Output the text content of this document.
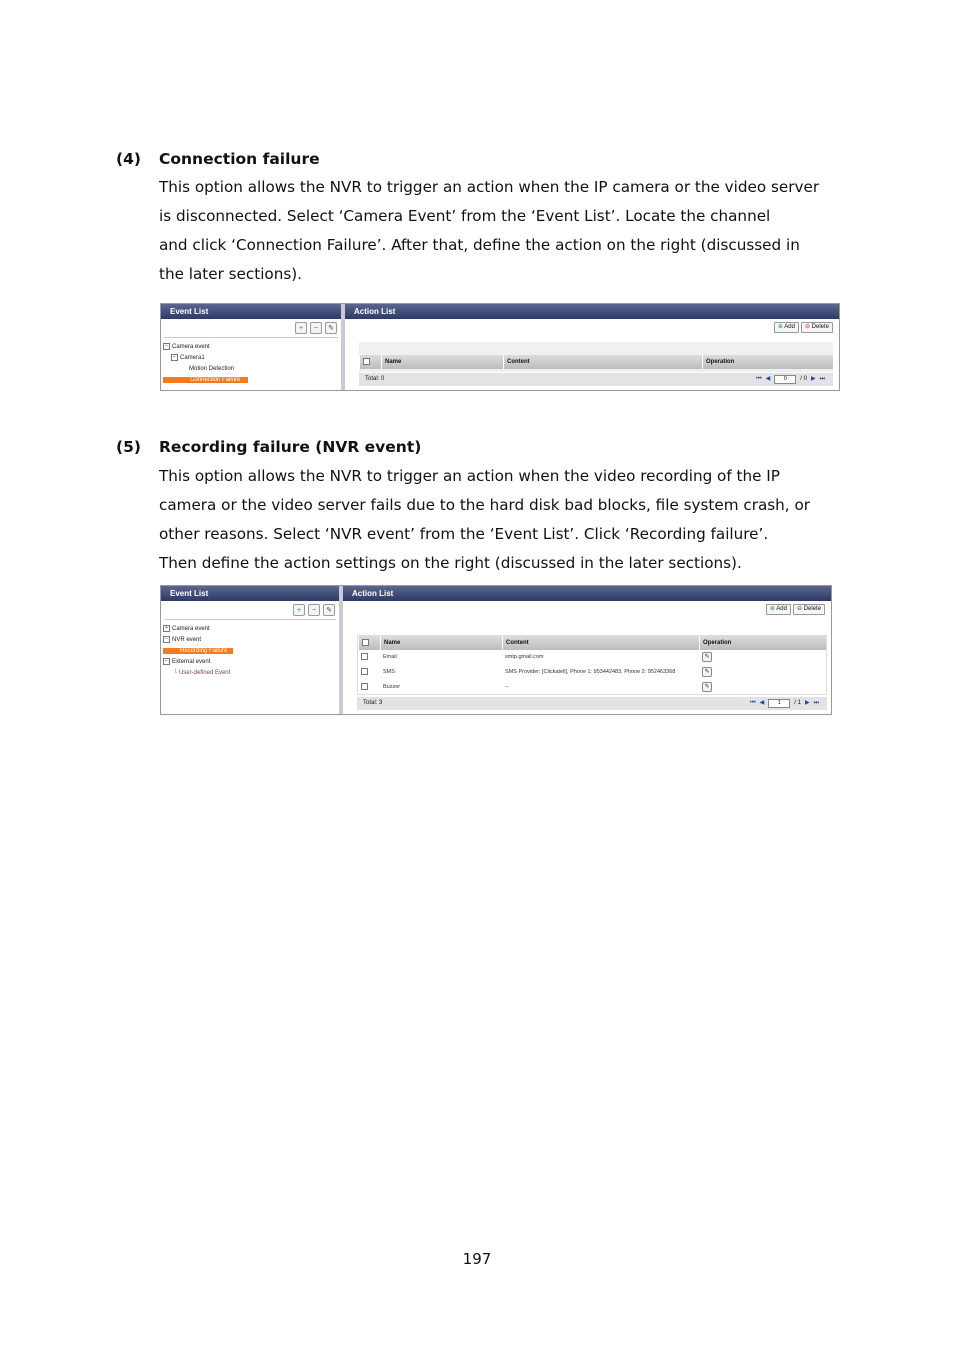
(4) Connection failure
This option allows the NVR to trigger an action when the IP camera or the video server
is disconnected. Select ‘Camera Event’ from the ‘Event List’. Locate the channel
and click ‘Connection Failure’. After that, define the action on the right (discussed in
the later sections).
Event List
+	−	✎
− Camera event
− Camera1
Motion Detection
Connection Failure
Action List
⊕ Add	⊖ Delete
Name	Content	Operation
Total: 0	⏮ ◀	0	/ 0 ▶ ⏭
(5) Recording failure (NVR event)
This option allows the NVR to trigger an action when the video recording of the IP
camera or the video server fails due to the hard disk bad blocks, file system crash, or
other reasons. Select ‘NVR event’ from the ‘Event List’. Click ‘Recording failure’.
Then define the action settings on the right (discussed in the later sections).
Event List
+	−	✎
+ Camera event
− NVR event
Recording Failure
− External event
└ User-defined Event
Action List
⊕ Add	⊖ Delete
Name	Content	Operation
Email	smtp.gmail.com	✎
SMS	SMS Provider: [Clickatell], Phone 1: 953442483, Phone 2: 952463368	✎
Buzzer	--	✎
Total: 3	⏮ ◀	1	/ 1 ▶ ⏭
197
